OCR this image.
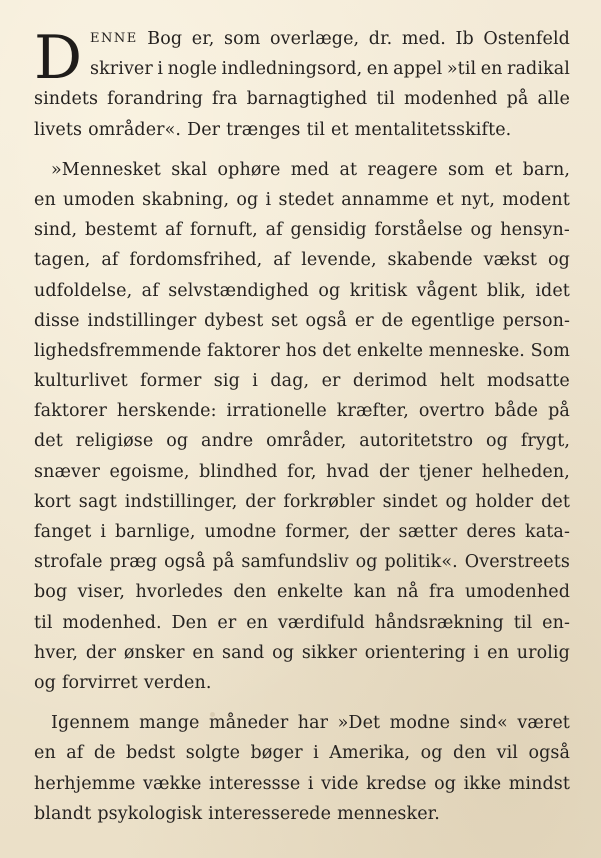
D ENNE Bog er, som overlæge, dr. med. Ib Ostenfeld
skriver i nogle indledningsord, en appel »til en radikal
sindets forandring fra barnagtighed til modenhed på alle
livets områder«. Der trænges til et mentalitetsskifte.
»Mennesket skal ophøre med at reagere som et barn,
en umoden skabning, og i stedet annamme et nyt, modent
sind, bestemt af fornuft, af gensidig forståelse og hensyn-
tagen, af fordomsfrihed, af levende, skabende vækst og
udfoldelse, af selvstændighed og kritisk vågent blik, idet
disse indstillinger dybest set også er de egentlige person-
lighedsfremmende faktorer hos det enkelte menneske. Som
kulturlivet former sig i dag, er derimod helt modsatte
faktorer herskende: irrationelle kræfter, overtro både på
det religiøse og andre områder, autoritetstro og frygt,
snæver egoisme, blindhed for, hvad der tjener helheden,
kort sagt indstillinger, der forkrøbler sindet og holder det
fanget i barnlige, umodne former, der sætter deres kata-
strofale præg også på samfundsliv og politik«. Overstreets
bog viser, hvorledes den enkelte kan nå fra umodenhed
til modenhed. Den er en værdifuld håndsrækning til en-
hver, der ønsker en sand og sikker orientering i en urolig
og forvirret verden.
Igennem mange måneder har »Det modne sind« været
en af de bedst solgte bøger i Amerika, og den vil også
herhjemme vække interessse i vide kredse og ikke mindst
blandt psykologisk interesserede mennesker.
